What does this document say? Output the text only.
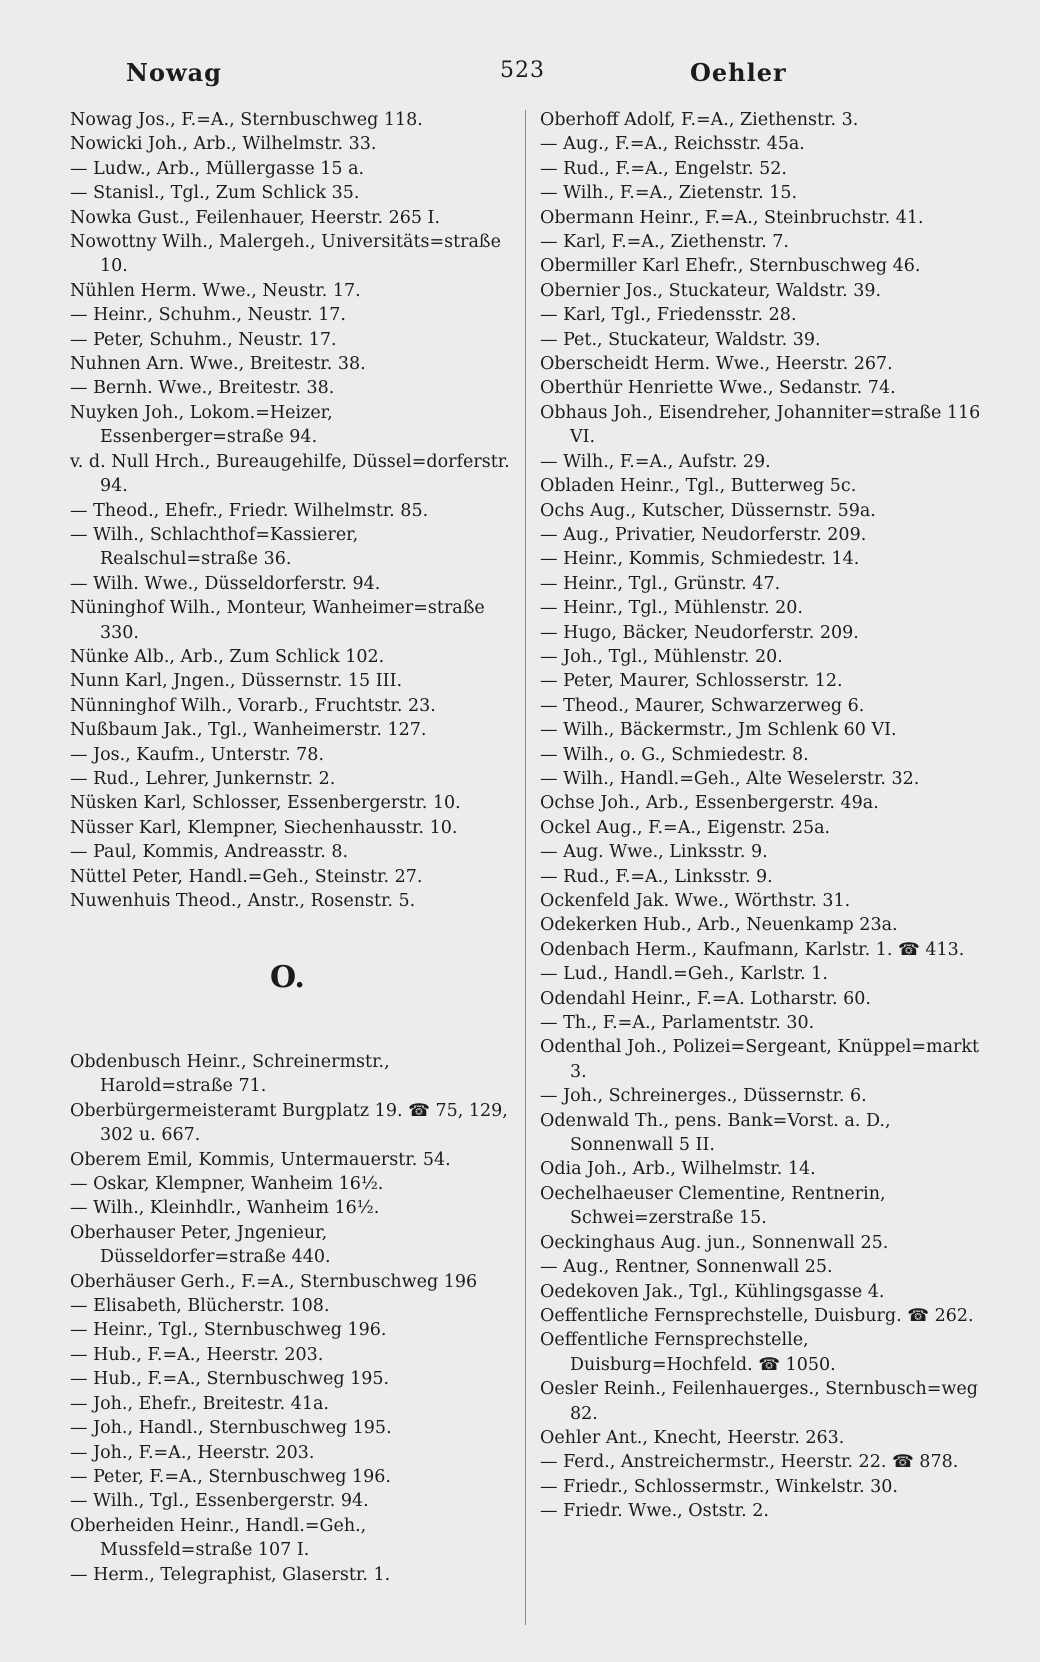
Nowag	523	Oehler

Nowag Jos., F.=A., Sternbuschweg 118.

Nowicki Joh., Arb., Wilhelmstr. 33.

— Ludw., Arb., Müllergasse 15 a.

— Stanisl., Tgl., Zum Schlick 35.

Nowka Gust., Feilenhauer, Heerstr. 265 I.

Nowottny Wilh., Malergeh., Universitäts=straße 10.

Nühlen Herm. Wwe., Neustr. 17.

— Heinr., Schuhm., Neustr. 17.

— Peter, Schuhm., Neustr. 17.

Nuhnen Arn. Wwe., Breitestr. 38.

— Bernh. Wwe., Breitestr. 38.

Nuyken Joh., Lokom.=Heizer, Essenberger=straße 94.

v. d. Null Hrch., Bureaugehilfe, Düssel=dorferstr. 94.

— Theod., Ehefr., Friedr. Wilhelmstr. 85.

— Wilh., Schlachthof=Kassierer, Realschul=straße 36.

— Wilh. Wwe., Düsseldorferstr. 94.

Nüninghof Wilh., Monteur, Wanheimer=straße 330.

Nünke Alb., Arb., Zum Schlick 102.

Nunn Karl, Jngen., Düssernstr. 15 III.

Nünninghof Wilh., Vorarb., Fruchtstr. 23.

Nußbaum Jak., Tgl., Wanheimerstr. 127.

— Jos., Kaufm., Unterstr. 78.

— Rud., Lehrer, Junkernstr. 2.

Nüsken Karl, Schlosser, Essenbergerstr. 10.

Nüsser Karl, Klempner, Siechenhausstr. 10.

— Paul, Kommis, Andreasstr. 8.

Nüttel Peter, Handl.=Geh., Steinstr. 27.

Nuwenhuis Theod., Anstr., Rosenstr. 5.

O.

Obdenbusch Heinr., Schreinermstr., Harold=straße 71.

Oberbürgermeisteramt Burgplatz 19. ☎ 75, 129, 302 u. 667.

Oberem Emil, Kommis, Untermauerstr. 54.

— Oskar, Klempner, Wanheim 16½.

— Wilh., Kleinhdlr., Wanheim 16½.

Oberhauser Peter, Jngenieur, Düsseldorfer=straße 440.

Oberhäuser Gerh., F.=A., Sternbuschweg 196

— Elisabeth, Blücherstr. 108.

— Heinr., Tgl., Sternbuschweg 196.

— Hub., F.=A., Heerstr. 203.

— Hub., F.=A., Sternbuschweg 195.

— Joh., Ehefr., Breitestr. 41a.

— Joh., Handl., Sternbuschweg 195.

— Joh., F.=A., Heerstr. 203.

— Peter, F.=A., Sternbuschweg 196.

— Wilh., Tgl., Essenbergerstr. 94.

Oberheiden Heinr., Handl.=Geh., Mussfeld=straße 107 I.

— Herm., Telegraphist, Glaserstr. 1.

Oberhoff Adolf, F.=A., Ziethenstr. 3.

— Aug., F.=A., Reichsstr. 45a.

— Rud., F.=A., Engelstr. 52.

— Wilh., F.=A., Zietenstr. 15.

Obermann Heinr., F.=A., Steinbruchstr. 41.

— Karl, F.=A., Ziethenstr. 7.

Obermiller Karl Ehefr., Sternbuschweg 46.

Obernier Jos., Stuckateur, Waldstr. 39.

— Karl, Tgl., Friedensstr. 28.

— Pet., Stuckateur, Waldstr. 39.

Oberscheidt Herm. Wwe., Heerstr. 267.

Oberthür Henriette Wwe., Sedanstr. 74.

Obhaus Joh., Eisendreher, Johanniter=straße 116 VI.

— Wilh., F.=A., Aufstr. 29.

Obladen Heinr., Tgl., Butterweg 5c.

Ochs Aug., Kutscher, Düssernstr. 59a.

— Aug., Privatier, Neudorferstr. 209.

— Heinr., Kommis, Schmiedestr. 14.

— Heinr., Tgl., Grünstr. 47.

— Heinr., Tgl., Mühlenstr. 20.

— Hugo, Bäcker, Neudorferstr. 209.

— Joh., Tgl., Mühlenstr. 20.

— Peter, Maurer, Schlosserstr. 12.

— Theod., Maurer, Schwarzerweg 6.

— Wilh., Bäckermstr., Jm Schlenk 60 VI.

— Wilh., o. G., Schmiedestr. 8.

— Wilh., Handl.=Geh., Alte Weselerstr. 32.

Ochse Joh., Arb., Essenbergerstr. 49a.

Ockel Aug., F.=A., Eigenstr. 25a.

— Aug. Wwe., Linksstr. 9.

— Rud., F.=A., Linksstr. 9.

Ockenfeld Jak. Wwe., Wörthstr. 31.

Odekerken Hub., Arb., Neuenkamp 23a.

Odenbach Herm., Kaufmann, Karlstr. 1. ☎ 413.

— Lud., Handl.=Geh., Karlstr. 1.

Odendahl Heinr., F.=A. Lotharstr. 60.

— Th., F.=A., Parlamentstr. 30.

Odenthal Joh., Polizei=Sergeant, Knüppel=markt 3.

— Joh., Schreinerges., Düssernstr. 6.

Odenwald Th., pens. Bank=Vorst. a. D., Sonnenwall 5 II.

Odia Joh., Arb., Wilhelmstr. 14.

Oechelhaeuser Clementine, Rentnerin, Schwei=zerstraße 15.

Oeckinghaus Aug. jun., Sonnenwall 25.

— Aug., Rentner, Sonnenwall 25.

Oedekoven Jak., Tgl., Kühlingsgasse 4.

Oeffentliche Fernsprechstelle, Duisburg. ☎ 262.

Oeffentliche Fernsprechstelle, Duisburg=Hochfeld. ☎ 1050.

Oesler Reinh., Feilenhauerges., Sternbusch=weg 82.

Oehler Ant., Knecht, Heerstr. 263.

— Ferd., Anstreichermstr., Heerstr. 22. ☎ 878.

— Friedr., Schlossermstr., Winkelstr. 30.

— Friedr. Wwe., Oststr. 2.
